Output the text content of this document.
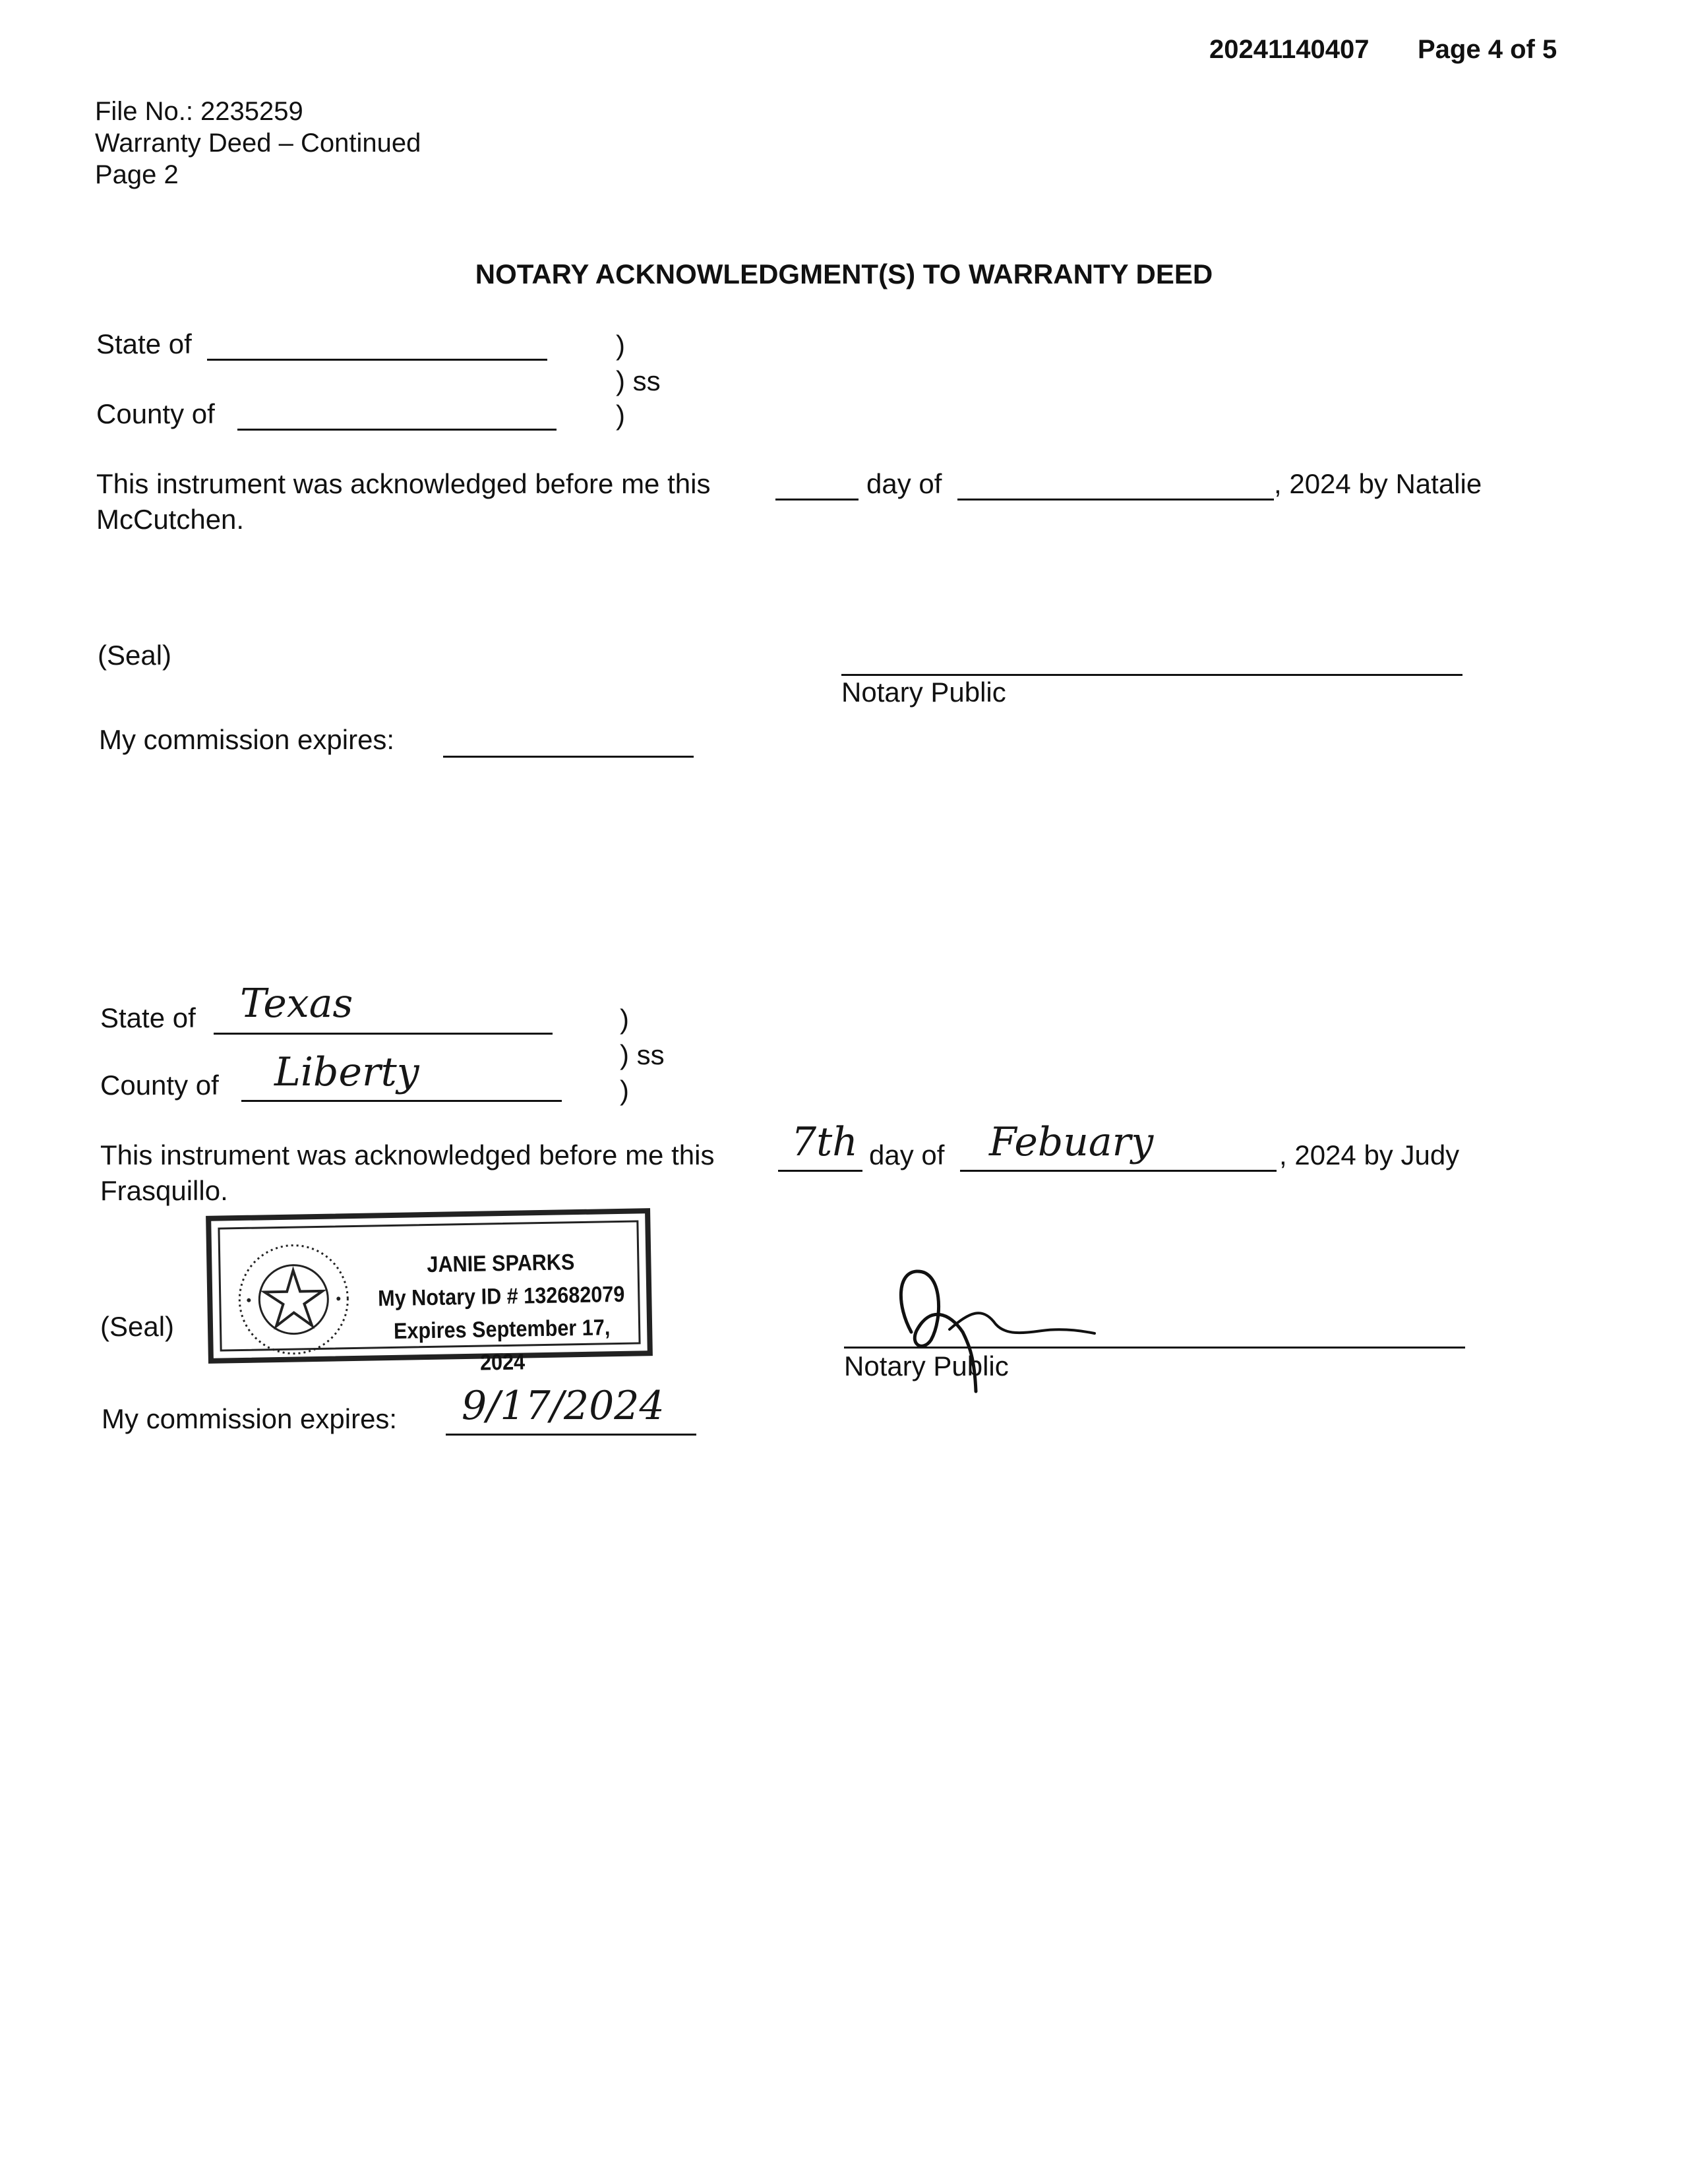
20241140407 Page 4 of 5
File No.: 2235259
Warranty Deed – Continued
Page 2
NOTARY ACKNOWLEDGMENT(S) TO WARRANTY DEED
State of	)
) ss
)
County of
This instrument was acknowledged before me this	day of	, 2024 by Natalie
McCutchen.
(Seal)
Notary Public
My commission expires:
State of Texas	)
) ss
)
County of Liberty
This instrument was acknowledged before me this 7th day of Febuary	, 2024 by Judy
Frasquillo.
JANIE SPARKS
My Notary ID # 132682079
Expires September 17, 2024
(Seal)
Notary Public
My commission expires: 9/17/2024
